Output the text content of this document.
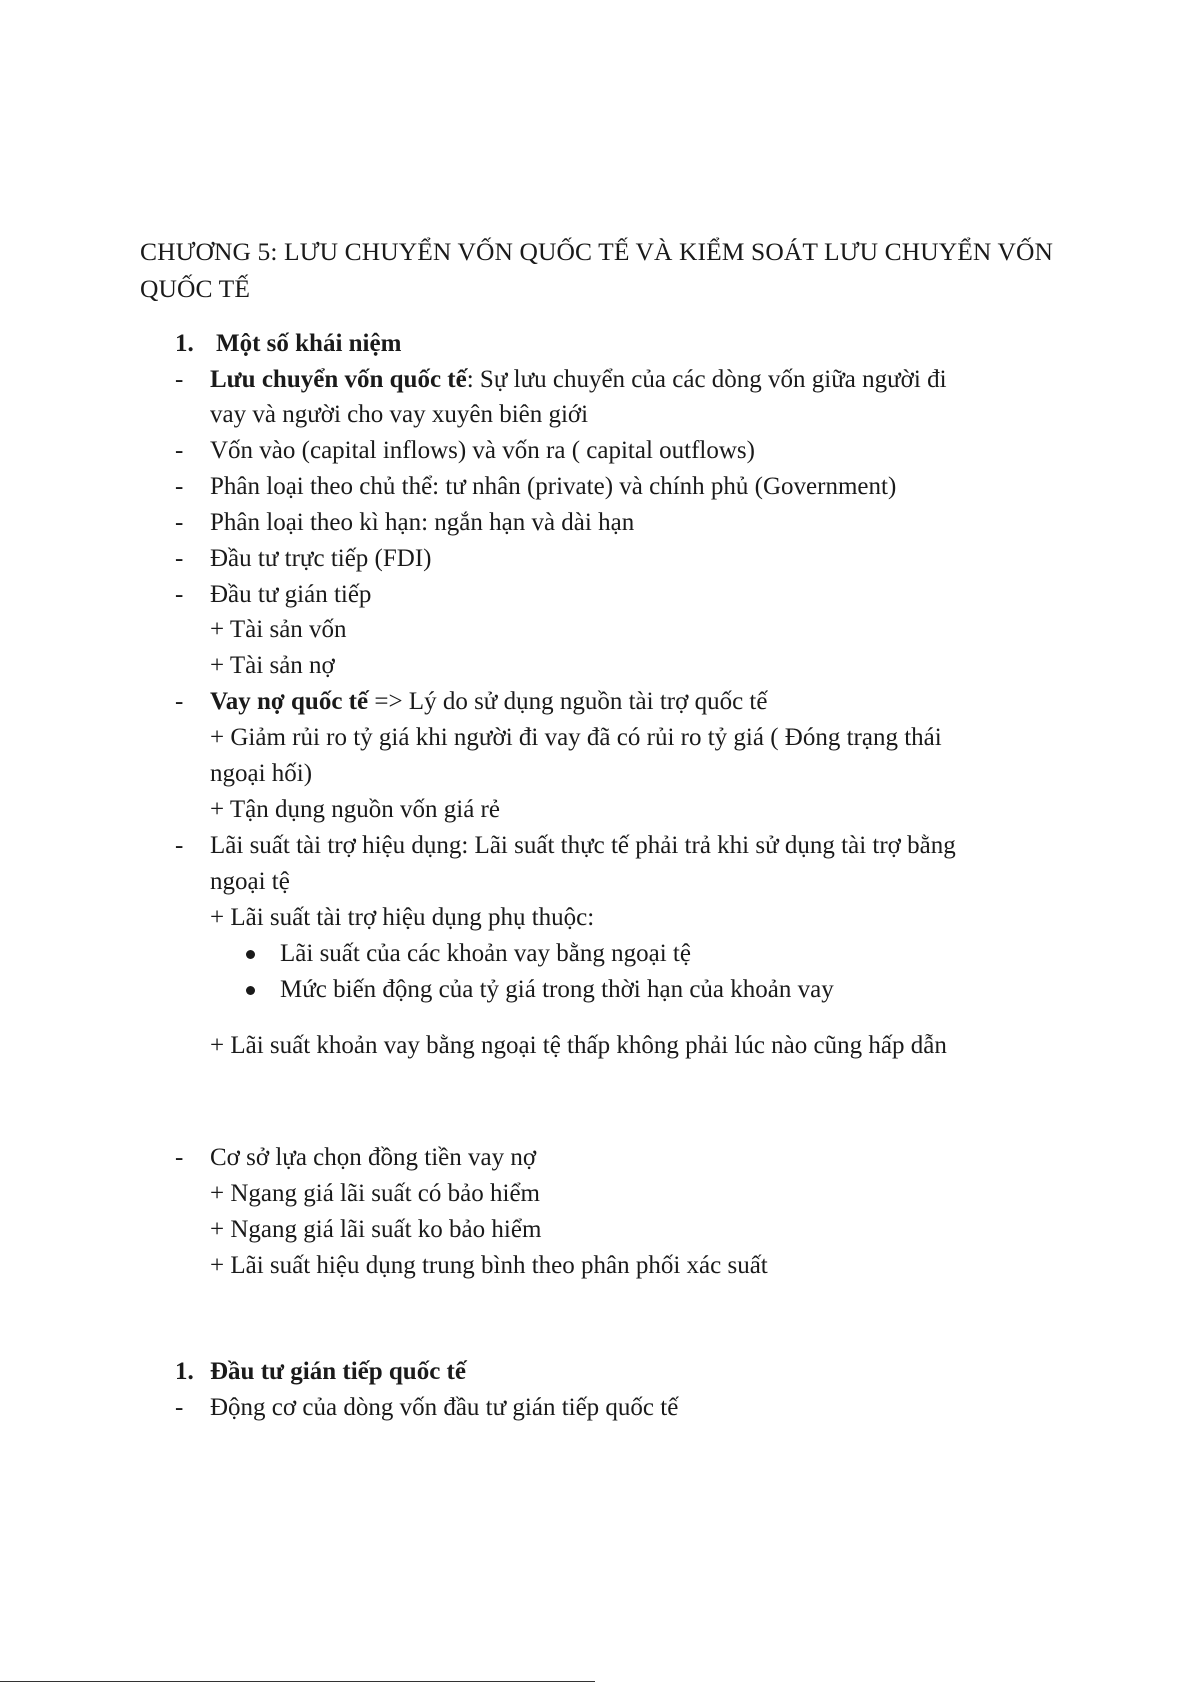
CHƯƠNG 5: LƯU CHUYỂN VỐN QUỐC TẾ VÀ KIỂM SOÁT LƯU CHUYỂN VỐN QUỐC TẾ
1. Một số khái niệm
- Lưu chuyển vốn quốc tế: Sự lưu chuyển của các dòng vốn giữa người đi
vay và người cho vay xuyên biên giới
- Vốn vào (capital inflows) và vốn ra ( capital outflows)
- Phân loại theo chủ thể: tư nhân (private) và chính phủ (Government)
- Phân loại theo kì hạn: ngắn hạn và dài hạn
- Đầu tư trực tiếp (FDI)
- Đầu tư gián tiếp
+ Tài sản vốn
+ Tài sản nợ
- Vay nợ quốc tế => Lý do sử dụng nguồn tài trợ quốc tế
+ Giảm rủi ro tỷ giá khi người đi vay đã có rủi ro tỷ giá ( Đóng trạng thái
ngoại hối)
+ Tận dụng nguồn vốn giá rẻ
- Lãi suất tài trợ hiệu dụng: Lãi suất thực tế phải trả khi sử dụng tài trợ bằng
ngoại tệ
+ Lãi suất tài trợ hiệu dụng phụ thuộc:
Lãi suất của các khoản vay bằng ngoại tệ
Mức biến động của tỷ giá trong thời hạn của khoản vay
+ Lãi suất khoản vay bằng ngoại tệ thấp không phải lúc nào cũng hấp dẫn
- Cơ sở lựa chọn đồng tiền vay nợ
+ Ngang giá lãi suất có bảo hiểm
+ Ngang giá lãi suất ko bảo hiểm
+ Lãi suất hiệu dụng trung bình theo phân phối xác suất
1. Đầu tư gián tiếp quốc tế
- Động cơ của dòng vốn đầu tư gián tiếp quốc tế
